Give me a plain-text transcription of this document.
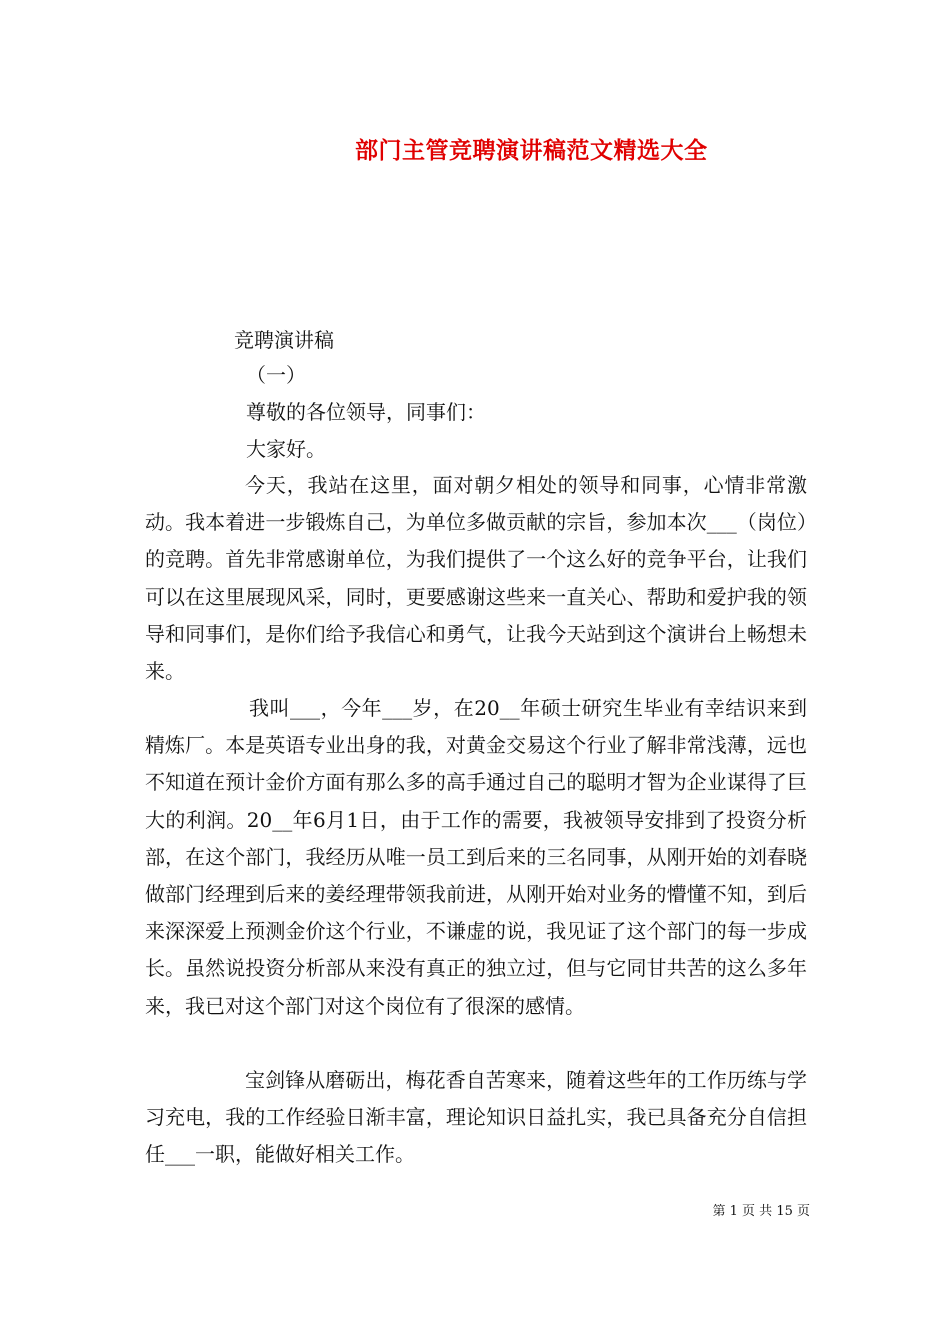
部门主管竞聘演讲稿范文精选大全

竞聘演讲稿

（一）

尊敬的各位领导，同事们：

大家好。

今天，我站在这里，面对朝夕相处的领导和同事，心情非常激动。我本着进一步锻炼自己，为单位多做贡献的宗旨，参加本次___（岗位）的竞聘。首先非常感谢单位，为我们提供了一个这么好的竞争平台，让我们可以在这里展现风采，同时，更要感谢这些来一直关心、帮助和爱护我的领导和同事们，是你们给予我信心和勇气，让我今天站到这个演讲台上畅想未来。

我叫___，今年___岁，在20__年硕士研究生毕业有幸结识来到精炼厂。本是英语专业出身的我，对黄金交易这个行业了解非常浅薄，远也不知道在预计金价方面有那么多的高手通过自己的聪明才智为企业谋得了巨大的利润。20__年6月1日，由于工作的需要，我被领导安排到了投资分析部，在这个部门，我经历从唯一员工到后来的三名同事，从刚开始的刘春晓做部门经理到后来的姜经理带领我前进，从刚开始对业务的懵懂不知，到后来深深爱上预测金价这个行业，不谦虚的说，我见证了这个部门的每一步成长。虽然说投资分析部从来没有真正的独立过，但与它同甘共苦的这么多年来，我已对这个部门对这个岗位有了很深的感情。

宝剑锋从磨砺出，梅花香自苦寒来，随着这些年的工作历练与学习充电，我的工作经验日渐丰富，理论知识日益扎实，我已具备充分自信担任___一职，能做好相关工作。

第 1 页 共 15 页
